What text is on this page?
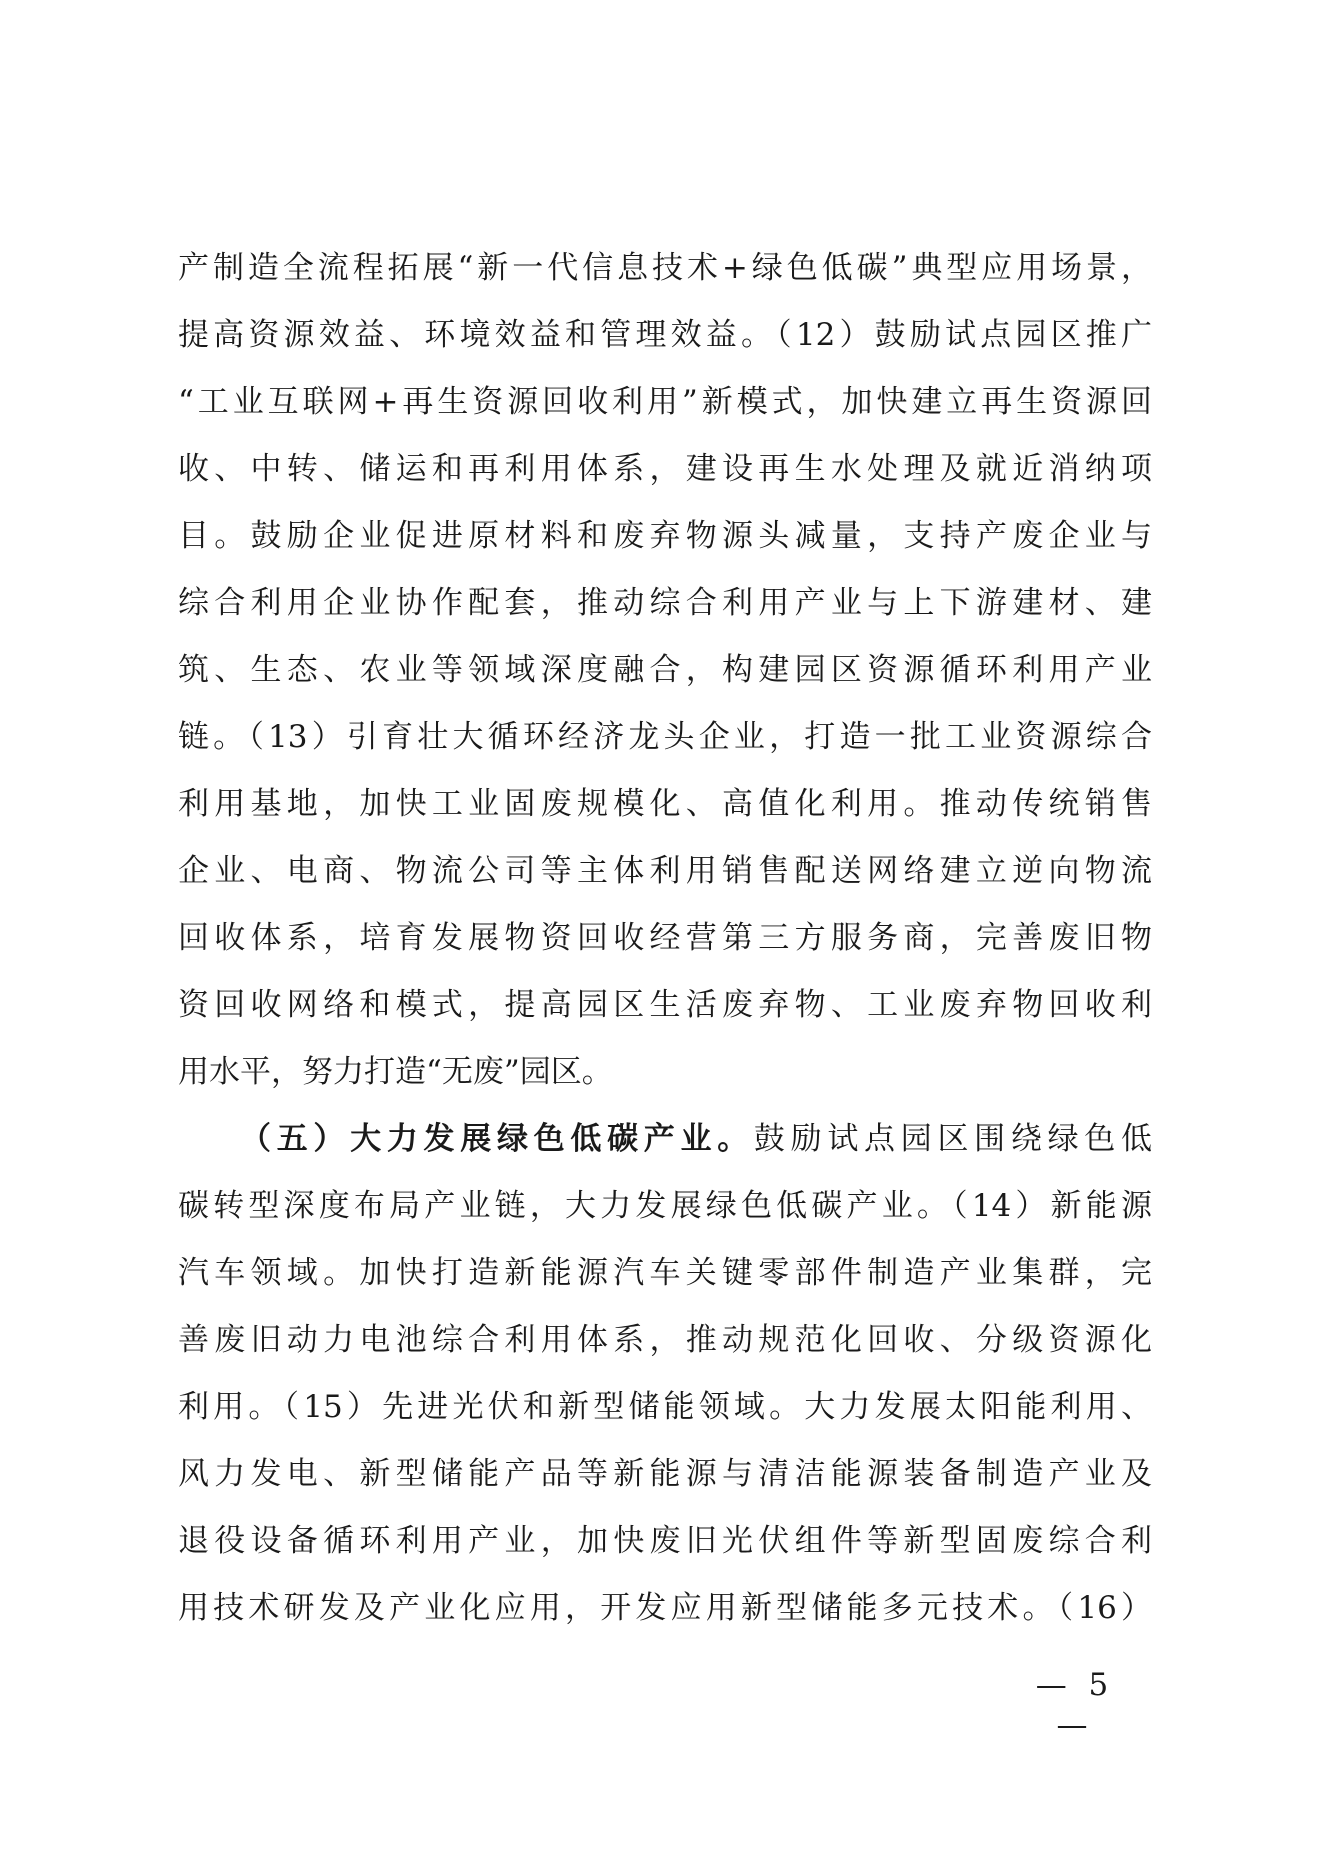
产制造全流程拓展“新一代信息技术+绿色低碳”典型应用场景，
提高资源效益、环境效益和管理效益。（12）鼓励试点园区推广
“工业互联网+再生资源回收利用”新模式，加快建立再生资源回
收、中转、储运和再利用体系，建设再生水处理及就近消纳项
目。鼓励企业促进原材料和废弃物源头减量，支持产废企业与
综合利用企业协作配套，推动综合利用产业与上下游建材、建
筑、生态、农业等领域深度融合，构建园区资源循环利用产业
链。（13）引育壮大循环经济龙头企业，打造一批工业资源综合
利用基地，加快工业固废规模化、高值化利用。推动传统销售
企业、电商、物流公司等主体利用销售配送网络建立逆向物流
回收体系，培育发展物资回收经营第三方服务商，完善废旧物
资回收网络和模式，提高园区生活废弃物、工业废弃物回收利
用水平，努力打造“无废”园区。
（五）大力发展绿色低碳产业。鼓励试点园区围绕绿色低
碳转型深度布局产业链，大力发展绿色低碳产业。（14）新能源
汽车领域。加快打造新能源汽车关键零部件制造产业集群，完
善废旧动力电池综合利用体系，推动规范化回收、分级资源化
利用。（15）先进光伏和新型储能领域。大力发展太阳能利用、
风力发电、新型储能产品等新能源与清洁能源装备制造产业及
退役设备循环利用产业，加快废旧光伏组件等新型固废综合利
用技术研发及产业化应用，开发应用新型储能多元技术。（16）
— 5 —
